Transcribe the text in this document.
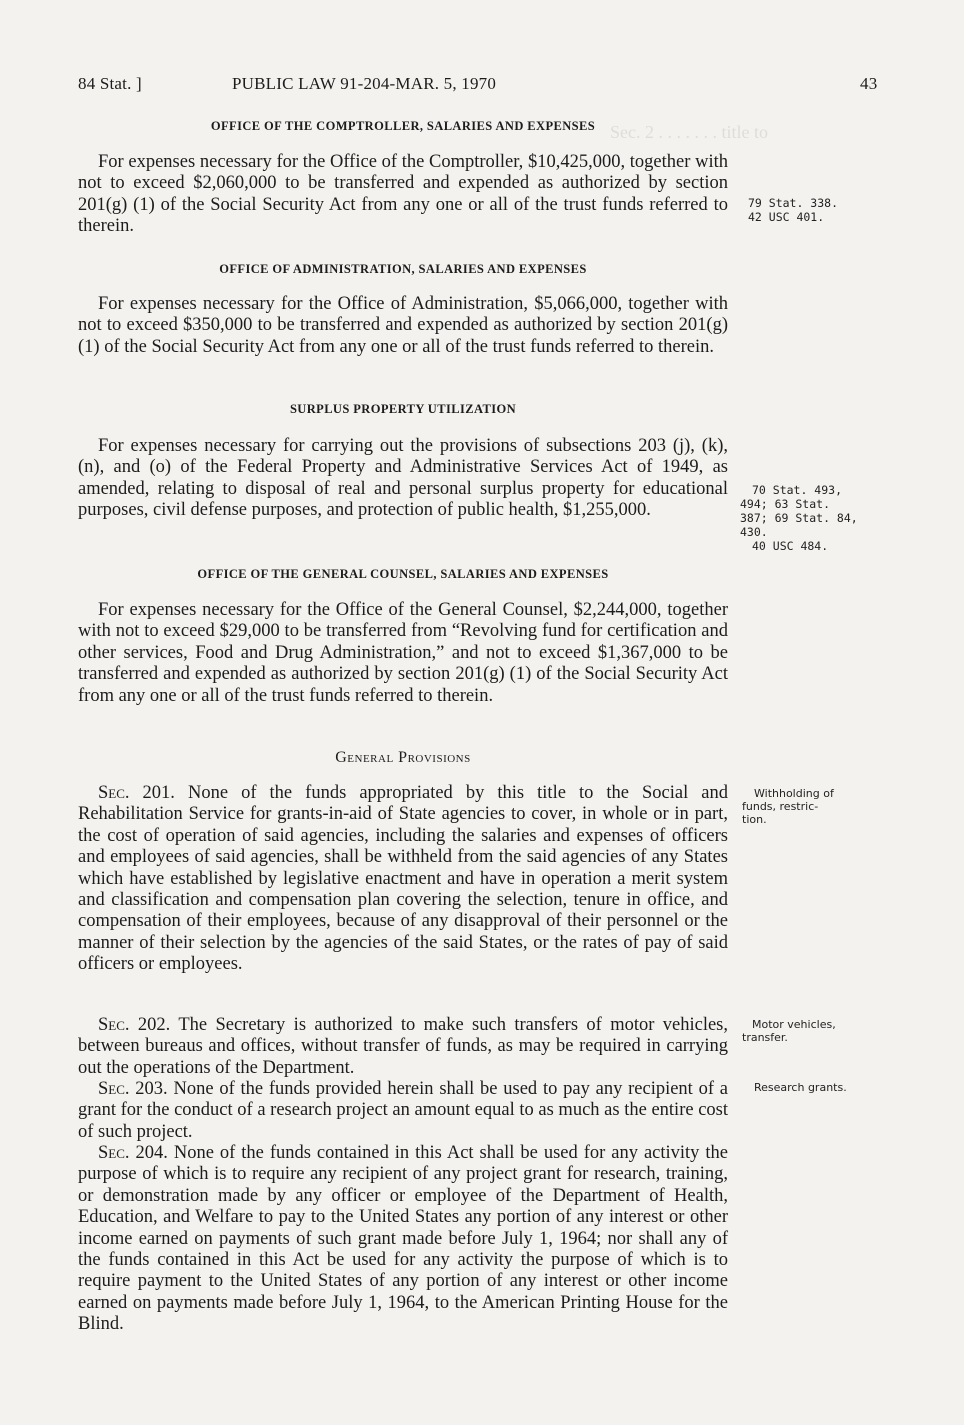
Sec. 2 . . . . . . . title to
84 Stat. ]	PUBLIC LAW 91-204-MAR. 5, 1970	43
OFFICE OF THE COMPTROLLER, SALARIES AND EXPENSES
For expenses necessary for the Office of the Comptroller, $10,425,000, together with not to exceed $2,060,000 to be transferred and expended as authorized by section 201(g) (1) of the Social Security Act from any one or all of the trust funds referred to therein.
OFFICE OF ADMINISTRATION, SALARIES AND EXPENSES
For expenses necessary for the Office of Administration, $5,066,000, together with not to exceed $350,000 to be transferred and expended as authorized by section 201(g) (1) of the Social Security Act from any one or all of the trust funds referred to therein.
SURPLUS PROPERTY UTILIZATION
For expenses necessary for carrying out the provisions of subsections 203 (j), (k), (n), and (o) of the Federal Property and Administrative Services Act of 1949, as amended, relating to disposal of real and personal surplus property for educational purposes, civil defense purposes, and protection of public health, $1,255,000.
OFFICE OF THE GENERAL COUNSEL, SALARIES AND EXPENSES
For expenses necessary for the Office of the General Counsel, $2,244,000, together with not to exceed $29,000 to be transferred from “Revolving fund for certification and other services, Food and Drug Administration,” and not to exceed $1,367,000 to be transferred and expended as authorized by section 201(g) (1) of the Social Security Act from any one or all of the trust funds referred to therein.
General Provisions
Sec. 201. None of the funds appropriated by this title to the Social and Rehabilitation Service for grants-in-aid of State agencies to cover, in whole or in part, the cost of operation of said agencies, including the salaries and expenses of officers and employees of said agencies, shall be withheld from the said agencies of any States which have established by legislative enactment and have in operation a merit system and classification and compensation plan covering the selection, tenure in office, and compensation of their employees, because of any disapproval of their personnel or the manner of their selection by the agencies of the said States, or the rates of pay of said officers or employees.
Sec. 202. The Secretary is authorized to make such transfers of motor vehicles, between bureaus and offices, without transfer of funds, as may be required in carrying out the operations of the Department.
Sec. 203. None of the funds provided herein shall be used to pay any recipient of a grant for the conduct of a research project an amount equal to as much as the entire cost of such project.
Sec. 204. None of the funds contained in this Act shall be used for any activity the purpose of which is to require any recipient of any project grant for research, training, or demonstration made by any officer or employee of the Department of Health, Education, and Welfare to pay to the United States any portion of any interest or other income earned on payments of such grant made before July 1, 1964; nor shall any of the funds contained in this Act be used for any activity the purpose of which is to require payment to the United States of any portion of any interest or other income earned on payments made before July 1, 1964, to the American Printing House for the Blind.
79 Stat. 338.
42 USC 401.
70 Stat. 493,
494; 63 Stat.
387; 69 Stat. 84,
430.
40 USC 484.
Withholding of
funds, restric-
tion.
Motor vehicles,
transfer.
Research grants.
